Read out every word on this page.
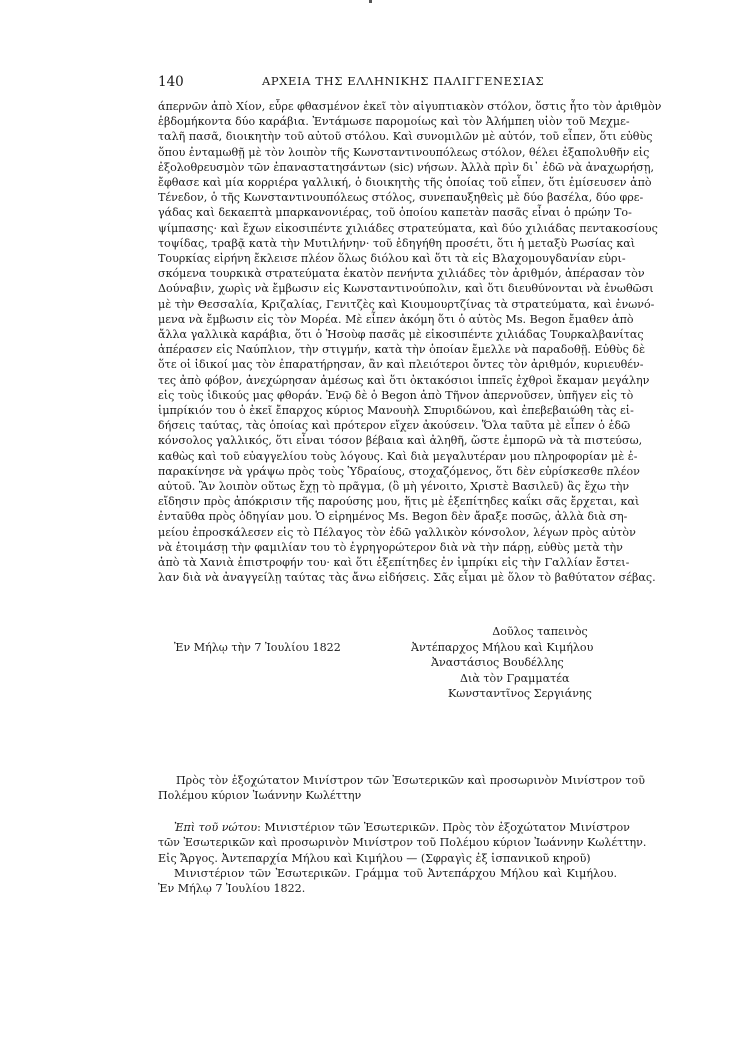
140	ΑΡΧΕΙΑ ΤΗΣ ΕΛΛΗΝΙΚΗΣ ΠΑΛΙΓΓΕΝΕΣΙΑΣ
άπερνῶν ἀπὸ Χίον, εὗρε φθασμένον ἐκεῖ τὸν αἰγυπτιακὸν στόλον, ὅστις ἦτο τὸν ἀριθμὸν
ἑβδομήκοντα δύο καράβια. Ἐντάμωσε παρομοίως καὶ τὸν Ἀλήμπεη υἱὸν τοῦ Μεχμε-
ταλῆ πασᾶ, διοικητὴν τοῦ αὐτοῦ στόλου. Καὶ συνομιλῶν μὲ αὐτόν, τοῦ εἶπεν, ὅτι εὐθὺς
ὅπου ἐνταμωθῇ μὲ τὸν λοιπὸν τῆς Κωνσταντινουπόλεως στόλον, θέλει ἐξαπολυθῆν εἰς
ἐξολοθρευσμὸν τῶν ἐπαναστατησάντων (sic) νήσων. Ἀλλὰ πρὶν δι᾽ ἐδῶ νὰ ἀναχωρήσῃ,
ἔφθασε καὶ μία κορριέρα γαλλική, ὁ διοικητὴς τῆς ὁποίας τοῦ εἶπεν, ὅτι ἐμίσευσεν ἀπὸ
Τένεδον, ὁ τῆς Κωνσταντινουπόλεως στόλος, συνεπαυξηθεὶς μὲ δύο βασέλα, δύο φρε-
γάδας καὶ δεκαεπτὰ μπαρκανονιέρας, τοῦ ὁποίου καπετὰν πασᾶς εἶναι ὁ πρώην Το-
ψίμπασης· καὶ ἔχων εἰκοσιπέντε χιλιάδες στρατεύματα, καὶ δύο χιλιάδας πεντακοσίους
τοψίδας, τραβᾷ κατὰ τὴν Μυτιλήνην· τοῦ ἐδηγήθη προσέτι, ὅτι ἡ μεταξὺ Ρωσίας καὶ
Τουρκίας εἰρήνη ἔκλεισε πλέον ὅλως διόλου καὶ ὅτι τὰ εἰς Βλαχομουγδανίαν εὑρι-
σκόμενα τουρκικὰ στρατεύματα ἑκατὸν πενήντα χιλιάδες τὸν ἀριθμόν, ἀπέρασαν τὸν
Δούναβιν, χωρὶς νὰ ἔμβωσιν εἰς Κωνσταντινούπολιν, καὶ ὅτι διευθύνονται νὰ ἑνωθῶσι
μὲ τὴν Θεσσαλία, Κριζαλίας, Γενιτζὲς καὶ Κιουμουρτζίνας τὰ στρατεύματα, καὶ ἑνωνό-
μενα νὰ ἔμβωσιν εἰς τὸν Μορέα. Μὲ εἶπεν ἀκόμη ὅτι ὁ αὐτὸς Ms. Begon ἔμαθεν ἀπὸ
ἄλλα γαλλικὰ καράβια, ὅτι ὁ Ἡσοὺφ πασᾶς μὲ εἰκοσιπέντε χιλιάδας Τουρκαλβανίτας
ἀπέρασεν εἰς Ναύπλιον, τὴν στιγμήν, κατὰ τὴν ὁποίαν ἔμελλε νὰ παραδοθῇ. Εὐθὺς δὲ
ὅτε οἱ ἰδικοί μας τὸν ἐπαρατήρησαν, ἂν καὶ πλειότεροι ὄντες τὸν ἀριθμόν, κυριευθέν-
τες ἀπὸ φόβον, ἀνεχώρησαν ἀμέσως καὶ ὅτι ὀκτακόσιοι ἱππεῖς ἐχθροὶ ἔκαμαν μεγάλην
εἰς τοὺς ἰδικούς μας φθοράν. Ἐνῷ δὲ ὁ Begon ἀπὸ Τῆνον ἀπερνοῦσεν, ὑπῆγεν εἰς τὸ
ἰμπρίκιόν του ὁ ἐκεῖ ἔπαρχος κύριος Μανουὴλ Σπυριδώνου, καὶ ἐπεβεβαιώθη τὰς εἰ-
δήσεις ταύτας, τὰς ὁποίας καὶ πρότερον εἴχεν ἀκούσειν. Ὅλα ταῦτα μὲ εἶπεν ὁ ἐδῶ
κόνσολος γαλλικός, ὅτι εἶναι τόσον βέβαια καὶ ἀληθῆ, ὥστε ἐμπορῶ νὰ τὰ πιστεύσω,
καθὼς καὶ τοῦ εὐαγγελίου τοὺς λόγους. Καὶ διὰ μεγαλυτέραν μου πληροφορίαν μὲ ἐ-
παρακίνησε νὰ γράψω πρὸς τοὺς Ὑδραίους, στοχαζόμενος, ὅτι δὲν εὑρίσκεσθε πλέον
αὐτοῦ. Ἂν λοιπὸν οὕτως ἔχῃ τὸ πρᾶγμα, (ὃ μὴ γένοιτο, Χριστὲ Βασιλεῦ) ἂς ἔχω τὴν
εἴδησιν πρὸς ἀπόκρισιν τῆς παρούσης μου, ἥτις μὲ ἐξεπίτηδες καΐκι σᾶς ἔρχεται, καὶ
ἐνταῦθα πρὸς ὁδηγίαν μου. Ὁ εἰρημένος Ms. Begon δὲν ἄραξε ποσῶς, ἀλλὰ διὰ ση-
μείου ἐπροσκάλεσεν εἰς τὸ Πέλαγος τὸν ἐδῶ γαλλικὸν κόνσολον, λέγων πρὸς αὐτὸν
νὰ ἑτοιμάσῃ τὴν φαμιλίαν του τὸ ἐγρηγορώτερον διὰ νὰ τὴν πάρῃ, εὐθὺς μετὰ τὴν
ἀπὸ τὰ Χανιὰ ἐπιστροφήν του· καὶ ὅτι ἐξεπίτηδες ἐν ἰμπρίκι εἰς τὴν Γαλλίαν ἔστει-
λαν διὰ νὰ ἀναγγείλῃ ταύτας τὰς ἄνω εἰδήσεις. Σᾶς εἶμαι μὲ ὅλον τὸ βαθύτατον σέβας.
Δοῦλος ταπεινὸς
Ἐν Μήλῳ τὴν 7 Ἰουλίου 1822	Ἀντέπαρχος Μήλου καὶ Κιμήλου
Ἀναστάσιος Βουδέλλης
Διὰ τὸν Γραμματέα
Κωνσταντῖνος Σεργιάνης
Πρὸς τὸν ἐξοχώτατον Μινίστρον τῶν Ἐσωτερικῶν καὶ προσωρινὸν Μινίστρον τοῦ
Πολέμου κύριον Ἰωάννην Κωλέττην
Ἐπὶ τοῦ νώτου: Μινιστέριον τῶν Ἐσωτερικῶν. Πρὸς τὸν ἐξοχώτατον Μινίστρον
τῶν Ἐσωτερικῶν καὶ προσωρινὸν Μινίστρον τοῦ Πολέμου κύριον Ἰωάννην Κωλέττην.
Εἰς Ἄργος. Ἀντεπαρχία Μήλου καὶ Κιμήλου — (Σφραγὶς ἐξ ἱσπανικοῦ κηροῦ)
Μινιστέριον τῶν Ἐσωτερικῶν. Γράμμα τοῦ Ἀντεπάρχου Μήλου καὶ Κιμήλου.
Ἐν Μήλῳ 7 Ἰουλίου 1822.
